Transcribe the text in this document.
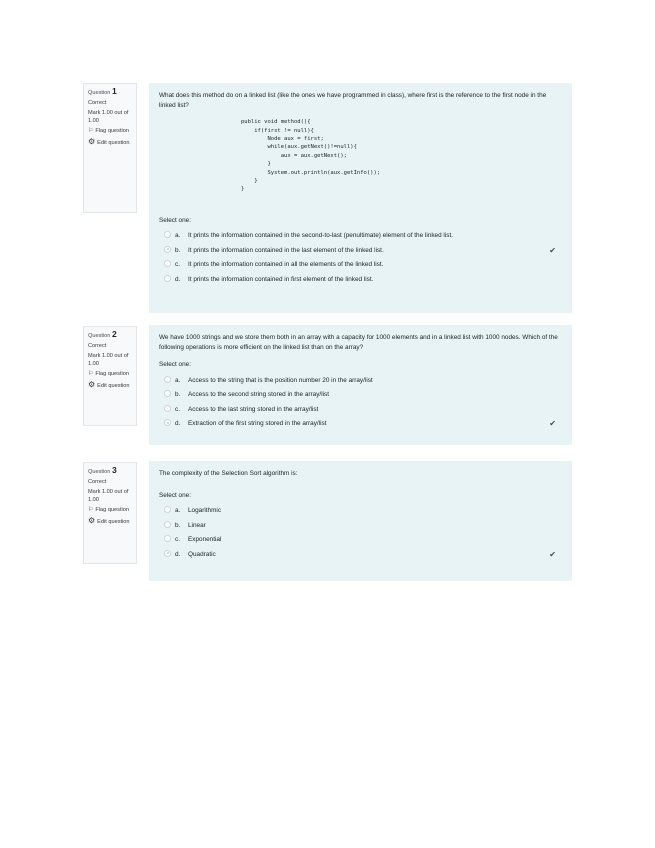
Question 1
Correct
Mark 1.00 out of 1.00
⚐ Flag question
⚙ Edit question
What does this method do on a linked list (like the ones we have programmed in class), where first is the reference to the first node in the linked list?
public void method(){
if(first != null){
Node aux = first;
while(aux.getNext()!=null){
aux = aux.getNext();
}
System.out.println(aux.getInfo());
}
}
Select one:
a. It prints the information contained in the second-to-last (penultimate) element of the linked list.
b. It prints the information contained in the last element of the linked list.	✔
c. It prints the information contained in all the elements of the linked list.
d. It prints the information contained in first element of the linked list.
Question 2
Correct
Mark 1.00 out of 1.00
⚐ Flag question
⚙ Edit question
We have 1000 strings and we store them both in an array with a capacity for 1000 elements and in a linked list with 1000 nodes. Which of the following operations is more efficient on the linked list than on the array?
Select one:
a. Access to the string that is the position number 20 in the array/list
b. Access to the second string stored in the array/list
c. Access to the last string stored in the array/list
d. Extraction of the first string stored in the array/list	✔
Question 3
Correct
Mark 1.00 out of 1.00
⚐ Flag question
⚙ Edit question
The complexity of the Selection Sort algorithm is:
Select one:
a. Logarithmic
b. Linear
c. Exponential
d. Quadratic	✔
